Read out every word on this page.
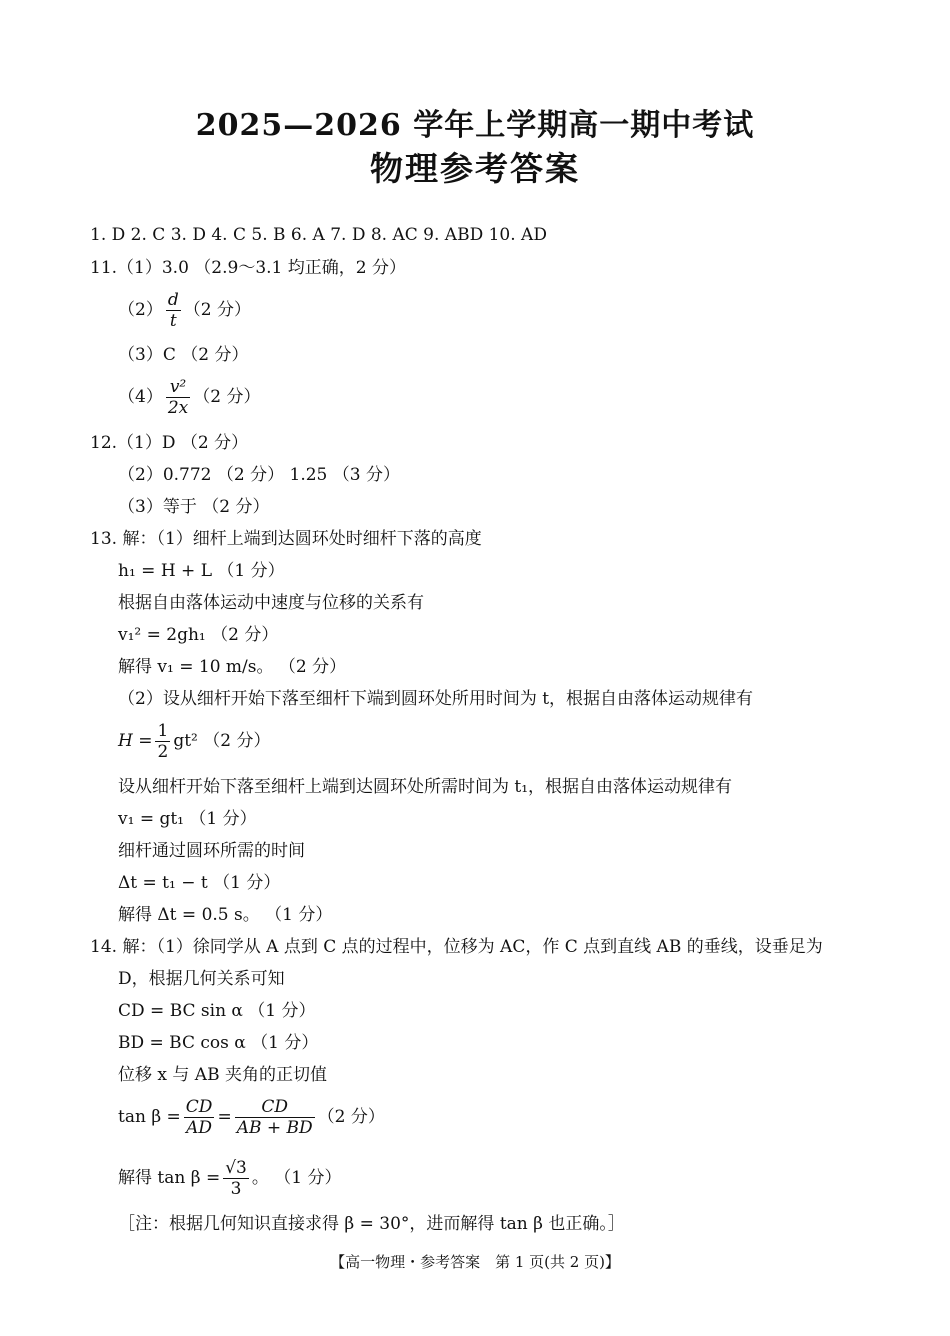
2025—2026 学年上学期高一期中考试
物理参考答案
1. D 2. C 3. D 4. C 5. B 6. A 7. D 8. AC 9. ABD 10. AD
11.（1）3.0 （2.9～3.1 均正确，2 分）
$(2) \frac{d}{t} (2$ 分）
（3）C （2 分）
$(4) \frac{\text{v²}}{2x} (2$ 分）
12.（1）D （2 分）
（2）0.772 （2 分） 1.25 （3 分）
（3）等于 （2 分）
13. 解：（1）细杆上端到达圆环处时细杆下落的高度
h₁ = H + L （1 分）
根据自由落体运动中速度与位移的关系有
v₁² = 2gh₁ （2 分）
解得 v₁ = 10 m/s。 （2 分）
（2）设从细杆开始下落至细杆下端到圆环处所用时间为 t，根据自由落体运动规律有
$H = \frac{1}{2} gt^2$ （2 分）
设从细杆开始下落至细杆上端到达圆环处所需时间为 t₁，根据自由落体运动规律有
v₁ = gt₁ （1 分）
细杆通过圆环所需的时间
Δt = t₁ − t （1 分）
解得 Δt = 0.5 s。 （1 分）
14. 解：（1）徐同学从 A 点到 C 点的过程中，位移为 AC，作 C 点到直线 AB 的垂线，设垂足为
D，根据几何关系可知
CD = BC sin α （1 分）
BD = BC cos α （1 分）
位移 x 与 AB 夹角的正切值
$\tan \beta = \frac{CD}{AD} = \frac{CD}{AB + BD} (2$ 分）
解得 $\tan \beta = \frac{√3}{3}$ 。 （1 分）
［注：根据几何知识直接求得 β = 30°，进而解得 tan β 也正确。］
【高一物理・参考答案　第 1 页(共 2 页)】
